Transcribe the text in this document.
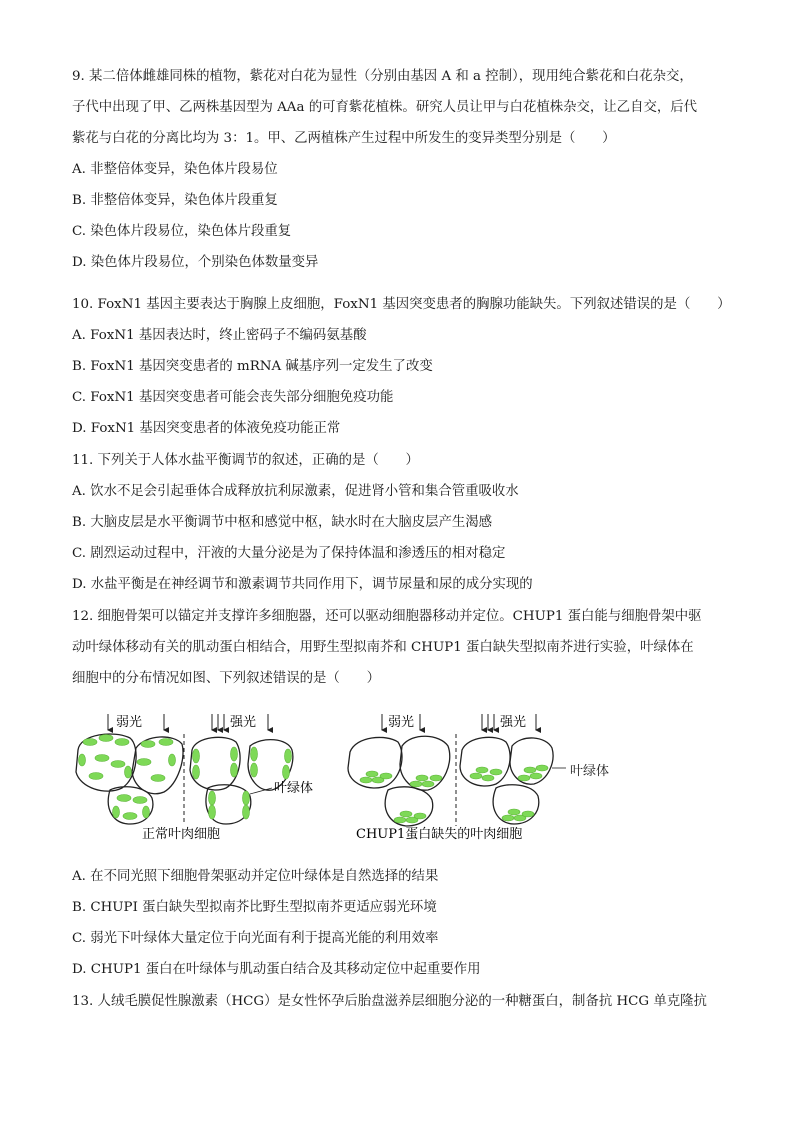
9. 某二倍体雌雄同株的植物，紫花对白花为显性（分别由基因 A 和 a 控制），现用纯合紫花和白花杂交，
子代中出现了甲、乙两株基因型为 AAa 的可育紫花植株。研究人员让甲与白花植株杂交，让乙自交，后代
紫花与白花的分离比均为 3：1。甲、乙两植株产生过程中所发生的变异类型分别是（　　）
A. 非整倍体变异，染色体片段易位
B. 非整倍体变异，染色体片段重复
C. 染色体片段易位，染色体片段重复
D. 染色体片段易位，个别染色体数量变异
10. FoxN1 基因主要表达于胸腺上皮细胞，FoxN1 基因突变患者的胸腺功能缺失。下列叙述错误的是（　　）
A. FoxN1 基因表达时，终止密码子不编码氨基酸
B. FoxN1 基因突变患者的 mRNA 碱基序列一定发生了改变
C. FoxN1 基因突变患者可能会丧失部分细胞免疫功能
D. FoxN1 基因突变患者的体液免疫功能正常
11. 下列关于人体水盐平衡调节的叙述，正确的是（　　）
A. 饮水不足会引起垂体合成释放抗利尿激素，促进肾小管和集合管重吸收水
B. 大脑皮层是水平衡调节中枢和感觉中枢，缺水时在大脑皮层产生渴感
C. 剧烈运动过程中，汗液的大量分泌是为了保持体温和渗透压的相对稳定
D. 水盐平衡是在神经调节和激素调节共同作用下，调节尿量和尿的成分实现的
12. 细胞骨架可以锚定并支撑许多细胞器，还可以驱动细胞器移动并定位。CHUP1 蛋白能与细胞骨架中驱
动叶绿体移动有关的肌动蛋白相结合，用野生型拟南芥和 CHUP1 蛋白缺失型拟南芥进行实验，叶绿体在
细胞中的分布情况如图、下列叙述错误的是（　　）
弱光	强光
叶绿体
正常叶肉细胞
弱光	强光
CHUP1蛋白缺失的叶肉细胞
叶绿体
A. 在不同光照下细胞骨架驱动并定位叶绿体是自然选择的结果
B. CHUPI 蛋白缺失型拟南芥比野生型拟南芥更适应弱光环境
C. 弱光下叶绿体大量定位于向光面有利于提高光能的利用效率
D. CHUP1 蛋白在叶绿体与肌动蛋白结合及其移动定位中起重要作用
13. 人绒毛膜促性腺激素（HCG）是女性怀孕后胎盘滋养层细胞分泌的一种糖蛋白，制备抗 HCG 单克隆抗
